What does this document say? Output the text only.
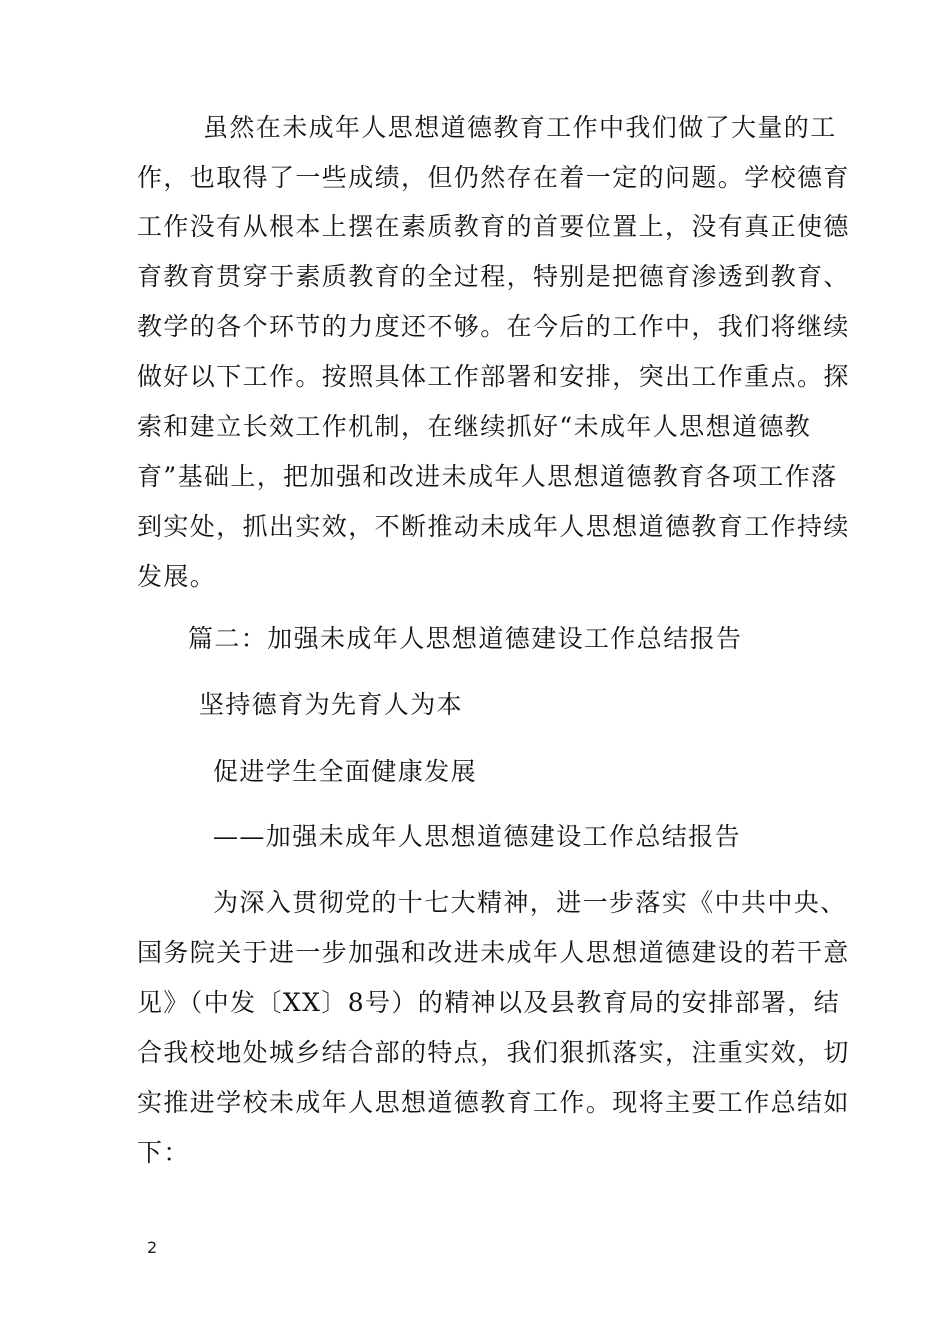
虽然在未成年人思想道德教育工作中我们做了大量的工
作，也取得了一些成绩，但仍然存在着一定的问题。学校德育
工作没有从根本上摆在素质教育的首要位置上，没有真正使德
育教育贯穿于素质教育的全过程，特别是把德育渗透到教育、
教学的各个环节的力度还不够。在今后的工作中，我们将继续
做好以下工作。按照具体工作部署和安排，突出工作重点。探
索和建立长效工作机制，在继续抓好“未成年人思想道德教
育”基础上，把加强和改进未成年人思想道德教育各项工作落
到实处，抓出实效，不断推动未成年人思想道德教育工作持续
发展。
篇二：加强未成年人思想道德建设工作总结报告
坚持德育为先育人为本
促进学生全面健康发展
——加强未成年人思想道德建设工作总结报告
为深入贯彻党的十七大精神，进一步落实《中共中央、
国务院关于进一步加强和改进未成年人思想道德建设的若干意
见》（中发〔XX〕8号）的精神以及县教育局的安排部署，结
合我校地处城乡结合部的特点，我们狠抓落实，注重实效，切
实推进学校未成年人思想道德教育工作。现将主要工作总结如
下：
2
